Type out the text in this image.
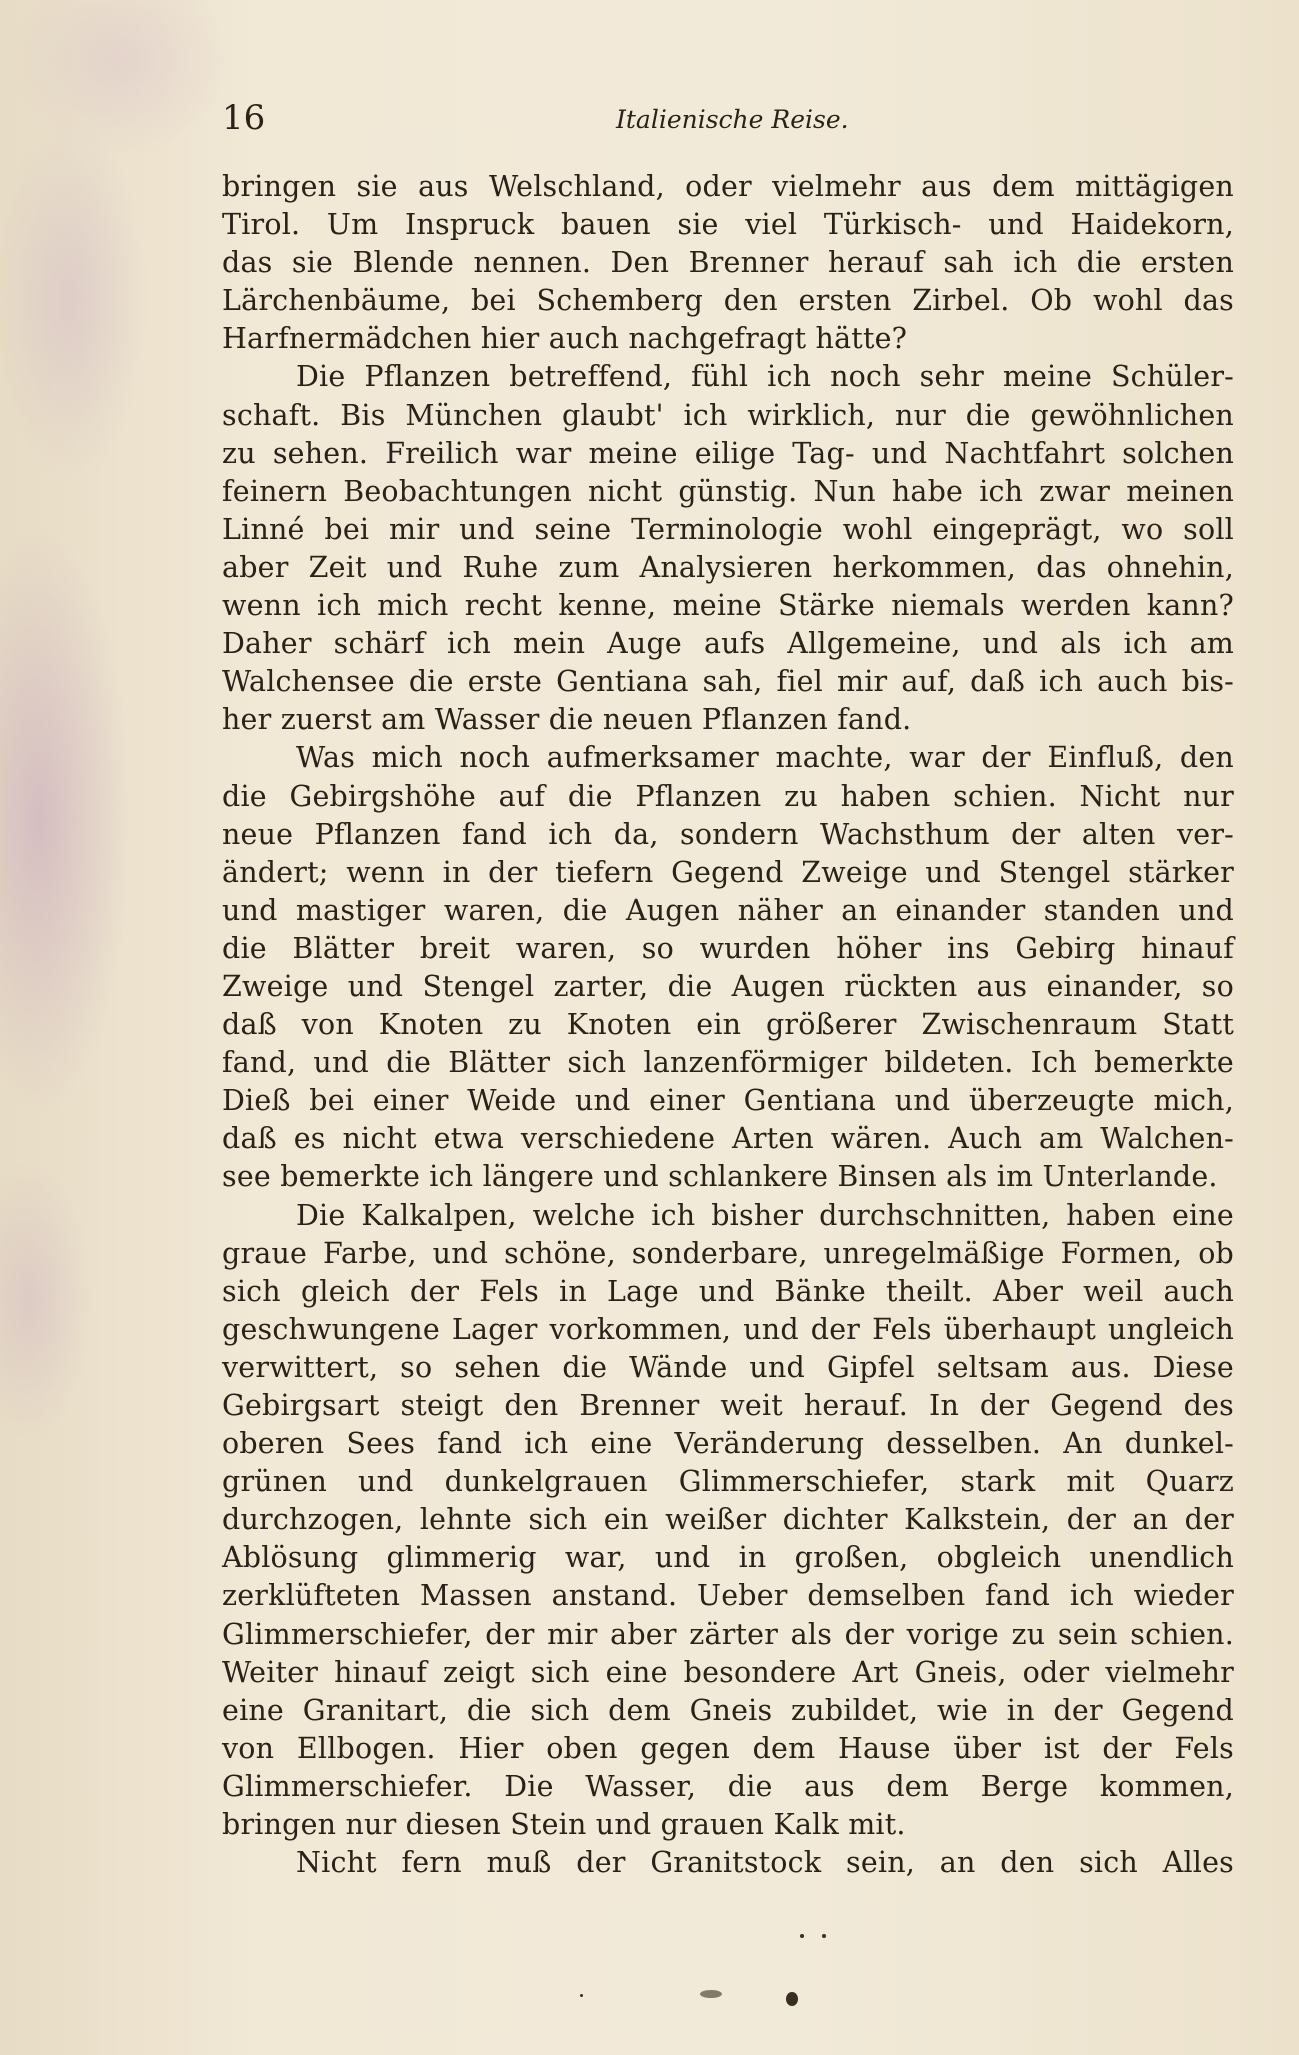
16	Italienische Reise.
bringen sie aus Welschland, oder vielmehr aus dem mittägigen
Tirol. Um Inspruck bauen sie viel Türkisch- und Haidekorn,
das sie Blende nennen. Den Brenner herauf sah ich die ersten
Lärchenbäume, bei Schemberg den ersten Zirbel. Ob wohl das
Harfnermädchen hier auch nachgefragt hätte?
Die Pflanzen betreffend, fühl ich noch sehr meine Schüler-
schaft. Bis München glaubt' ich wirklich, nur die gewöhnlichen
zu sehen. Freilich war meine eilige Tag- und Nachtfahrt solchen
feinern Beobachtungen nicht günstig. Nun habe ich zwar meinen
Linné bei mir und seine Terminologie wohl eingeprägt, wo soll
aber Zeit und Ruhe zum Analysieren herkommen, das ohnehin,
wenn ich mich recht kenne, meine Stärke niemals werden kann?
Daher schärf ich mein Auge aufs Allgemeine, und als ich am
Walchensee die erste Gentiana sah, fiel mir auf, daß ich auch bis-
her zuerst am Wasser die neuen Pflanzen fand.
Was mich noch aufmerksamer machte, war der Einfluß, den
die Gebirgshöhe auf die Pflanzen zu haben schien. Nicht nur
neue Pflanzen fand ich da, sondern Wachsthum der alten ver-
ändert; wenn in der tiefern Gegend Zweige und Stengel stärker
und mastiger waren, die Augen näher an einander standen und
die Blätter breit waren, so wurden höher ins Gebirg hinauf
Zweige und Stengel zarter, die Augen rückten aus einander, so
daß von Knoten zu Knoten ein größerer Zwischenraum Statt
fand, und die Blätter sich lanzenförmiger bildeten. Ich bemerkte
Dieß bei einer Weide und einer Gentiana und überzeugte mich,
daß es nicht etwa verschiedene Arten wären. Auch am Walchen-
see bemerkte ich längere und schlankere Binsen als im Unterlande.
Die Kalkalpen, welche ich bisher durchschnitten, haben eine
graue Farbe, und schöne, sonderbare, unregelmäßige Formen, ob
sich gleich der Fels in Lage und Bänke theilt. Aber weil auch
geschwungene Lager vorkommen, und der Fels überhaupt ungleich
verwittert, so sehen die Wände und Gipfel seltsam aus. Diese
Gebirgsart steigt den Brenner weit herauf. In der Gegend des
oberen Sees fand ich eine Veränderung desselben. An dunkel-
grünen und dunkelgrauen Glimmerschiefer, stark mit Quarz
durchzogen, lehnte sich ein weißer dichter Kalkstein, der an der
Ablösung glimmerig war, und in großen, obgleich unendlich
zerklüfteten Massen anstand. Ueber demselben fand ich wieder
Glimmerschiefer, der mir aber zärter als der vorige zu sein schien.
Weiter hinauf zeigt sich eine besondere Art Gneis, oder vielmehr
eine Granitart, die sich dem Gneis zubildet, wie in der Gegend
von Ellbogen. Hier oben gegen dem Hause über ist der Fels
Glimmerschiefer. Die Wasser, die aus dem Berge kommen,
bringen nur diesen Stein und grauen Kalk mit.
Nicht fern muß der Granitstock sein, an den sich Alles
